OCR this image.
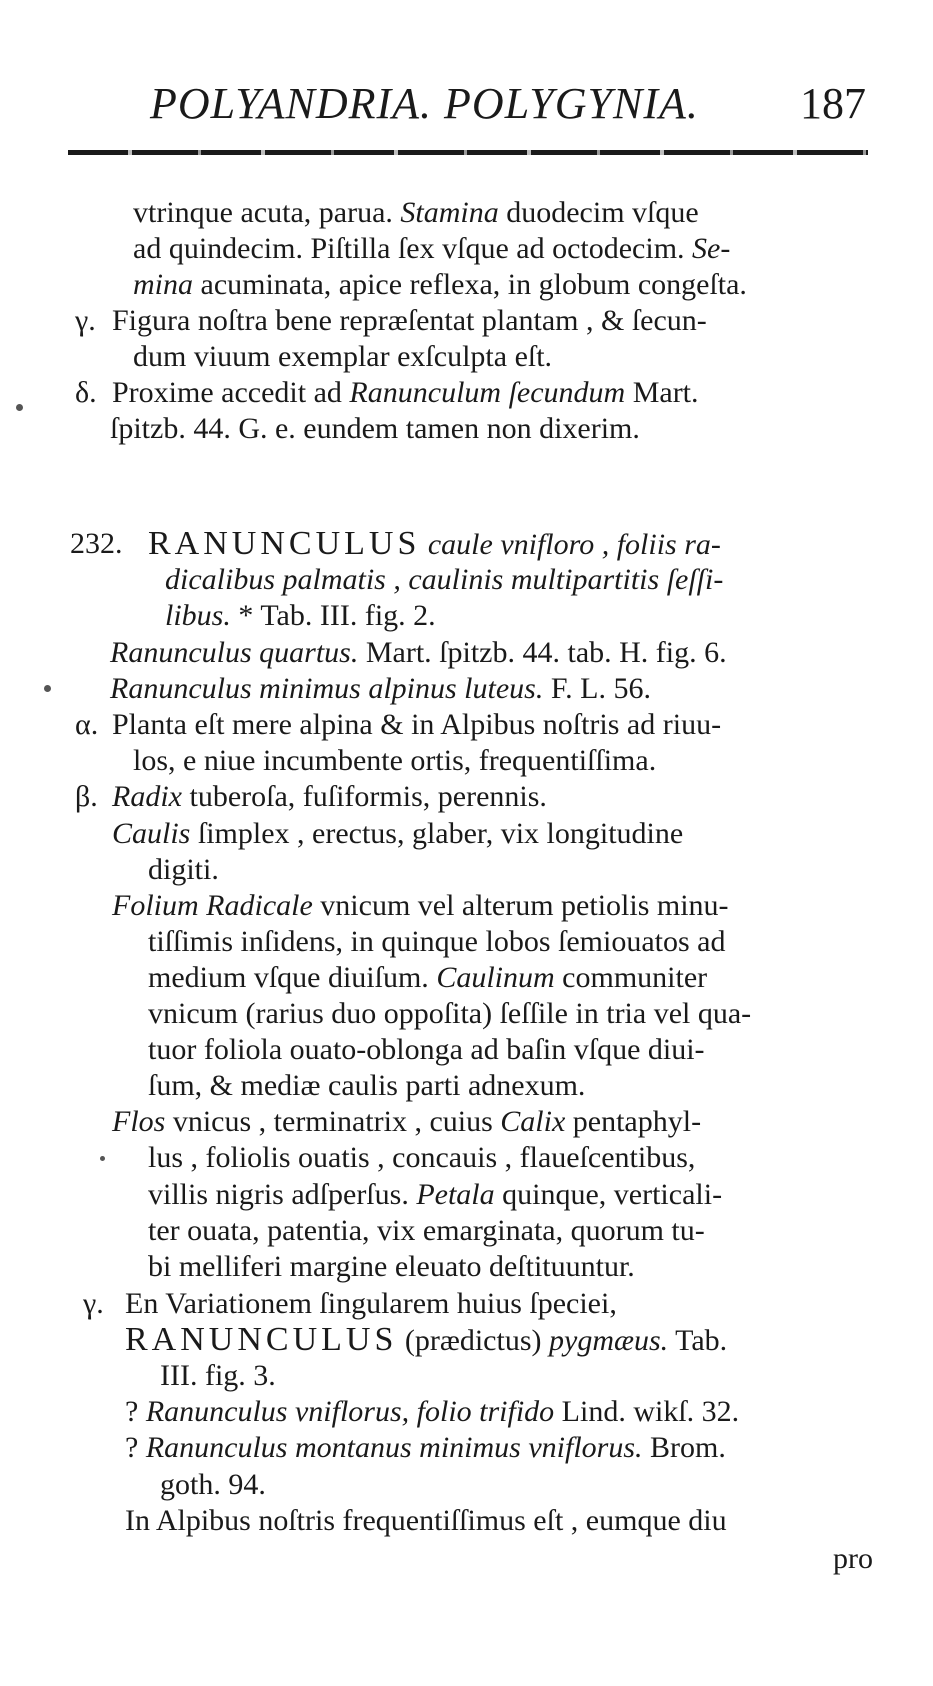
POLYANDRIA. POLYGYNIA. 187
vtrinque acuta, parua. Stamina duodecim vſque
ad quindecim. Piſtilla ſex vſque ad octodecim. Se-
mina acuminata, apice reflexa, in globum congeſta.
γ. Figura noſtra bene repræſentat plantam , & ſecun-
dum viuum exemplar exſculpta eſt.
δ. Proxime accedit ad Ranunculum ſecundum Mart.
ſpitzb. 44. G. e. eundem tamen non dixerim.
232. RANUNCULUS caule vnifloro , foliis ra-
dicalibus palmatis , caulinis multipartitis ſeſſi-
libus. * Tab. III. fig. 2.
Ranunculus quartus. Mart. ſpitzb. 44. tab. H. fig. 6.
Ranunculus minimus alpinus luteus. F. L. 56.
α. Planta eſt mere alpina & in Alpibus noſtris ad riuu-
los, e niue incumbente ortis, frequentiſſima.
β. Radix tuberoſa, fuſiformis, perennis.
Caulis ſimplex , erectus, glaber, vix longitudine
digiti.
Folium Radicale vnicum vel alterum petiolis minu-
tiſſimis inſidens, in quinque lobos ſemiouatos ad
medium vſque diuiſum. Caulinum communiter
vnicum (rarius duo oppoſita) ſeſſile in tria vel qua-
tuor foliola ouato-oblonga ad baſin vſque diui-
ſum, & mediæ caulis parti adnexum.
Flos vnicus , terminatrix , cuius Calix pentaphyl-
lus , foliolis ouatis , concauis , flaueſcentibus,
villis nigris adſperſus. Petala quinque, verticali-
ter ouata, patentia, vix emarginata, quorum tu-
bi melliferi margine eleuato deſtituuntur.
γ. En Variationem ſingularem huius ſpeciei,
RANUNCULUS (prædictus) pygmæus. Tab.
III. fig. 3.
? Ranunculus vniflorus, folio trifido Lind. wikſ. 32.
? Ranunculus montanus minimus vniflorus. Brom.
goth. 94.
In Alpibus noſtris frequentiſſimus eſt , eumque diu
pro
